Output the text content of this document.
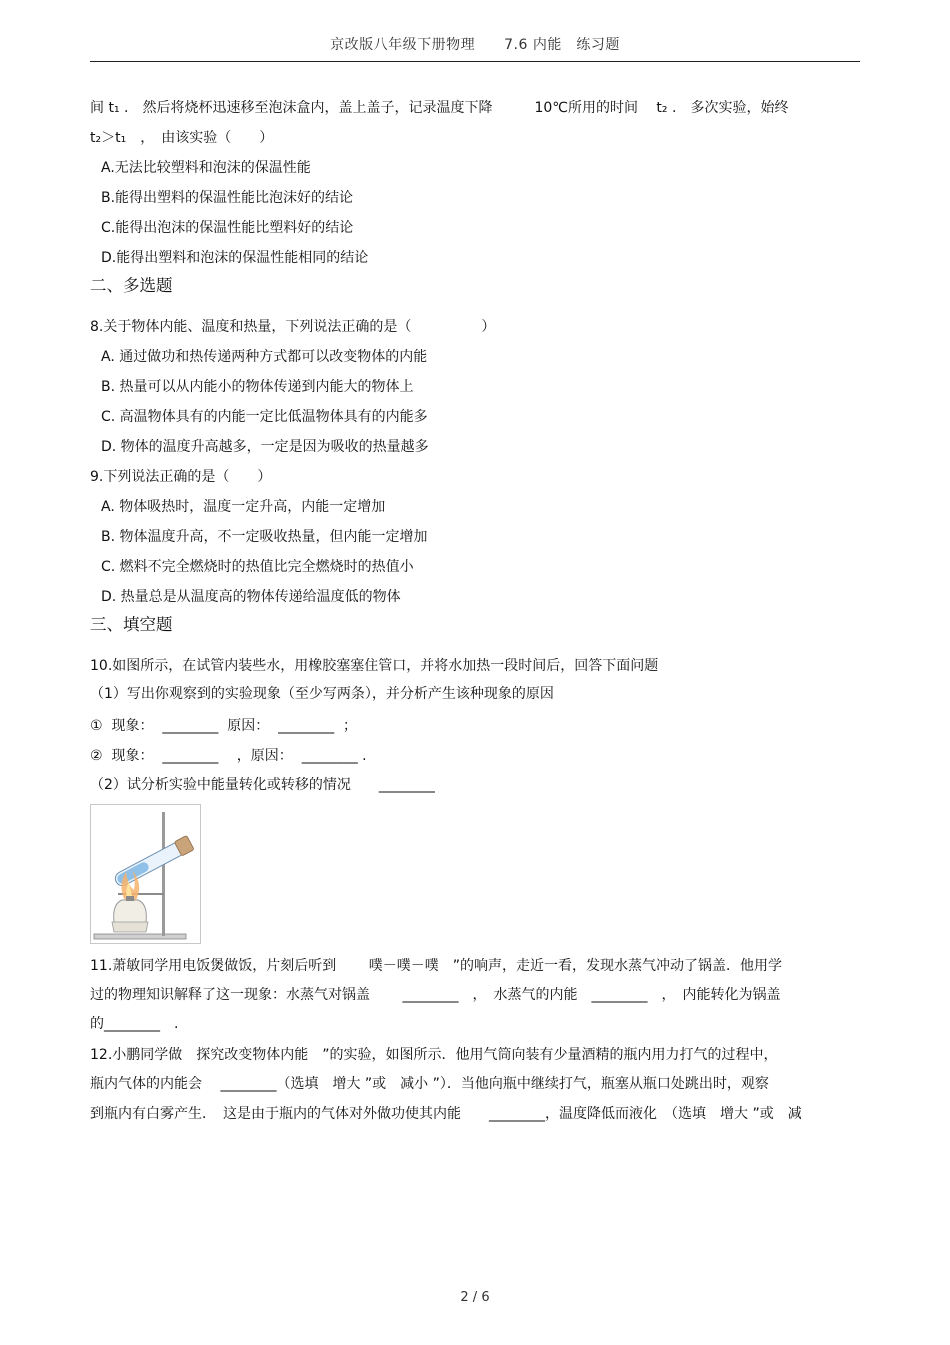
京改版八年级下册物理　　7.6 内能　练习题
间 t₁ .　然后将烧杯迅速移至泡沫盒内，盖上盖子，记录温度下降　　　10℃所用的时间　 t₂ .　多次实验，始终
t₂＞t₁　，　由该实验（　　）
A.无法比较塑料和泡沫的保温性能
B.能得出塑料的保温性能比泡沫好的结论
C.能得出泡沫的保温性能比塑料好的结论
D.能得出塑料和泡沫的保温性能相同的结论
二、多选题
8.关于物体内能、温度和热量，下列说法正确的是（　　　　　）
A. 通过做功和热传递两种方式都可以改变物体的内能
B. 热量可以从内能小的物体传递到内能大的物体上
C. 高温物体具有的内能一定比低温物体具有的内能多
D. 物体的温度升高越多，一定是因为吸收的热量越多
9.下列说法正确的是（　　）
A. 物体吸热时，温度一定升高，内能一定增加
B. 物体温度升高，不一定吸收热量，但内能一定增加
C. 燃料不完全燃烧时的热值比完全燃烧时的热值小
D. 热量总是从温度高的物体传递给温度低的物体
三、填空题
10.如图所示，在试管内装些水，用橡胶塞塞住管口，并将水加热一段时间后，回答下面问题
（1）写出你观察到的实验现象（至少写两条），并分析产生该种现象的原因
①  现象：  ________  原因：  ________  ；
②  现象：  ________　 ，原因：  ________ .
（2）试分析实验中能量转化或转移的情况　　________
11.萧敏同学用电饭煲做饭，片刻后听到　　 噗－噗－噗　”的响声，走近一看，发现水蒸气冲动了锅盖．他用学
过的物理知识解释了这一现象：水蒸气对锅盖　　 ________　，　水蒸气的内能　________　，　内能转化为锅盖
的________　.
12.小鹏同学做　探究改变物体内能　”的实验，如图所示．他用气筒向装有少量酒精的瓶内用力打气的过程中，
瓶内气体的内能会　 ________（选填　增大 ”或　减小 ”）．当他向瓶中继续打气，瓶塞从瓶口处跳出时，观察
到瓶内有白雾产生．　这是由于瓶内的气体对外做功使其内能　　________，温度降低而液化　（选填　增大 ”或　减
2 / 6
